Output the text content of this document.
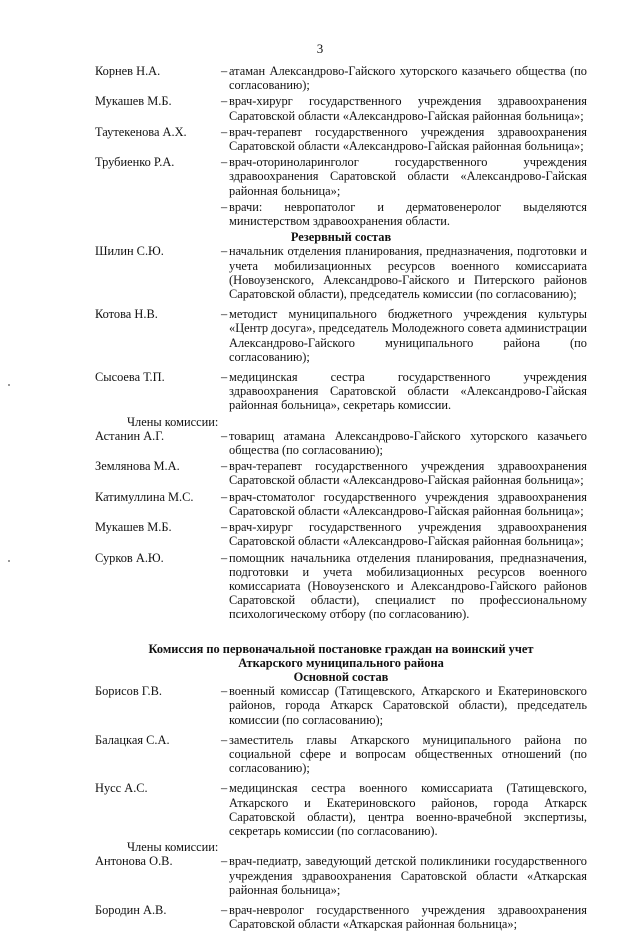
3
Корнев Н.А.	– атаман Александрово-Гайского хуторского казачьего общества (по согласованию);
Мукашев М.Б.	– врач-хирург государственного учреждения здравоохранения Саратовской области «Александрово-Гайская районная больница»;
Таутекенова А.Х.	– врач-терапевт государственного учреждения здравоохранения Саратовской области «Александрово-Гайская районная больница»;
Трубиенко Р.А.	– врач-оториноларинголог государственного учреждения здравоохранения Саратовской области «Александрово-Гайская районная больница»;
– врачи: невропатолог и дерматовенеролог выделяются министерством здравоохранения области.
Резервный состав
Шилин С.Ю.	– начальник отделения планирования, предназначения, подготовки и учета мобилизационных ресурсов военного комиссариата (Новоузенского, Александрово-Гайского и Питерского районов Саратовской области), председатель комиссии (по согласованию);
Котова Н.В.	– методист муниципального бюджетного учреждения культуры «Центр досуга», председатель Молодежного совета администрации Александрово-Гайского муниципального района (по согласованию);
Сысоева Т.П.	– медицинская сестра государственного учреждения здравоохранения Саратовской области «Александрово-Гайская районная больница», секретарь комиссии.
Члены комиссии:
Астанин А.Г.	– товарищ атамана Александрово-Гайского хуторского казачьего общества (по согласованию);
Землянова М.А.	– врач-терапевт государственного учреждения здравоохранения Саратовской области «Александрово-Гайская районная больница»;
Катимуллина М.С.	– врач-стоматолог государственного учреждения здравоохранения Саратовской области «Александрово-Гайская районная больница»;
Мукашев М.Б.	– врач-хирург государственного учреждения здравоохранения Саратовской области «Александрово-Гайская районная больница»;
Сурков А.Ю.	– помощник начальника отделения планирования, предназначения, подготовки и учета мобилизационных ресурсов военного комиссариата (Новоузенского и Александрово-Гайского районов Саратовской области), специалист по профессиональному психологическому отбору (по согласованию).
Комиссия по первоначальной постановке граждан на воинский учет
Аткарского муниципального района
Основной состав
Борисов Г.В.	– военный комиссар (Татищевского, Аткарского и Екатериновского районов, города Аткарск Саратовской области), председатель комиссии (по согласованию);
Балацкая С.А.	– заместитель главы Аткарского муниципального района по социальной сфере и вопросам общественных отношений (по согласованию);
Нусс А.С.	– медицинская сестра военного комиссариата (Татищевского, Аткарского и Екатериновского районов, города Аткарск Саратовской области), центра военно-врачебной экспертизы, секретарь комиссии (по согласованию).
Члены комиссии:
Антонова О.В.	– врач-педиатр, заведующий детской поликлиники государственного учреждения здравоохранения Саратовской области «Аткарская районная больница»;
Бородин А.В.	– врач-невролог государственного учреждения здравоохранения Саратовской области «Аткарская районная больница»;
